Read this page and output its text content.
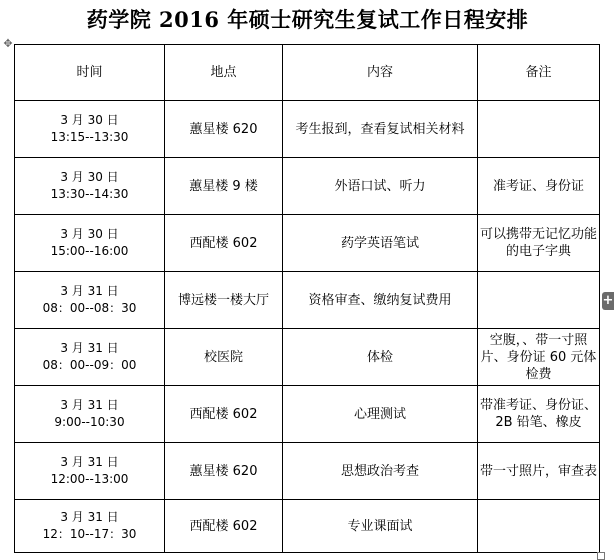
药学院 2016 年硕士研究生复试工作日程安排
✥
时间	地点	内容	备注
3 月 30 日
13:15--13:30	蕙星楼 620	考生报到，查看复试相关材料	
3 月 30 日
13:30--14:30	蕙星楼 9 楼	外语口试、听力	准考证、身份证
3 月 30 日
15:00--16:00	西配楼 602	药学英语笔试	可以携带无记忆功能的电子字典
3 月 31 日
08：00--08：30	博远楼一楼大厅	资格审查、缴纳复试费用	
3 月 31 日
08：00--09：00	校医院	体检	空腹，、带一寸照片、身份证 60 元体检费
3 月 31 日
9:00--10:30	西配楼 602	心理测试	带准考证、身份证、2B 铅笔、橡皮
3 月 31 日
12:00--13:00	蕙星楼 620	思想政治考查	带一寸照片，审查表
3 月 31 日
12：10--17：30	西配楼 602	专业课面试	
+
